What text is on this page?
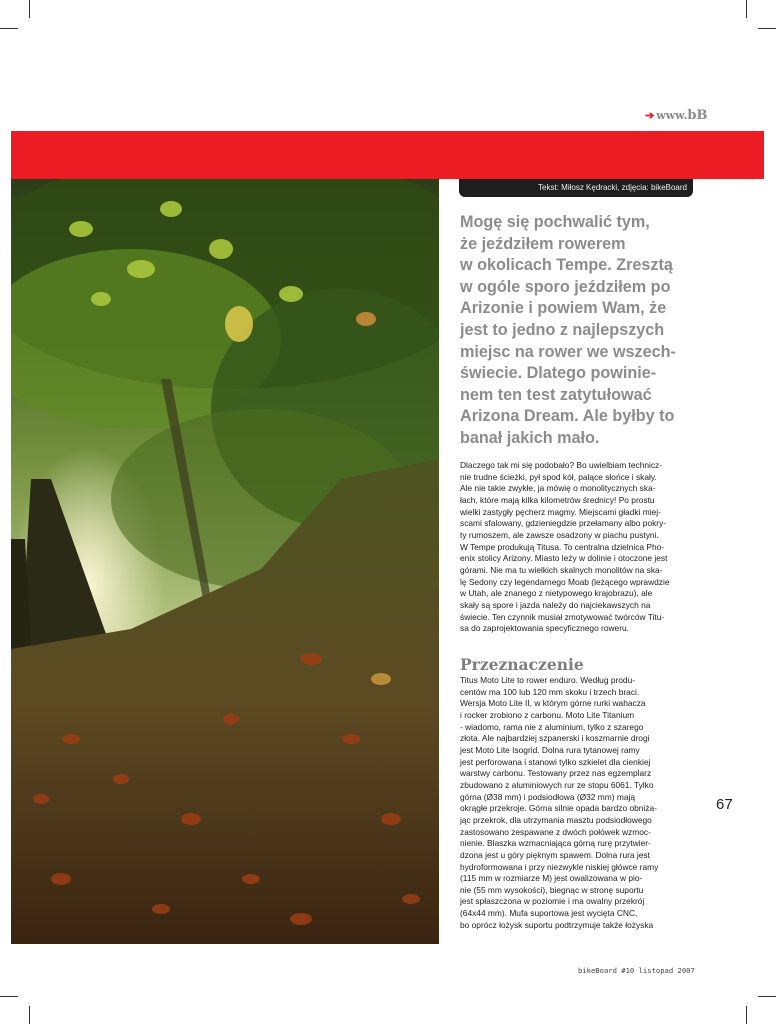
➔ www.bB
Tekst: Miłosz Kędracki, zdjęcia: bikeBoard
Mogę się pochwalić tym,
że jeździłem rowerem
w okolicach Tempe. Zresztą
w ogóle sporo jeździłem po
Arizonie i powiem Wam, że
jest to jedno z najlepszych
miejsc na rower we wszech-
świecie. Dlatego powinie-
nem ten test zatytułować
Arizona Dream. Ale byłby to
banał jakich mało.
Dlaczego tak mi się podobało? Bo uwielbiam technicz-
nie trudne ścieżki, pył spod kół, palące słońce i skały.
Ale nie takie zwykłe, ja mówię o monolitycznych ska-
łach, które mają kilka kilometrów średnicy! Po prostu
wielki zastygły pęcherz magmy. Miejscami gładki miej-
scami sfalowany, gdzieniegdzie przełamany albo pokry-
ty rumoszem, ale zawsze osadzony w piachu pustyni.
W Tempe produkują Titusa. To centralna dzielnica Pho-
enix stolicy Arizony. Miasto leży w dolinie i otoczone jest
górami. Nie ma tu wielkich skalnych monolitów na ska-
lę Sedony czy legendarnego Moab (leżącego wprawdzie
w Utah, ale znanego z nietypowego krajobrazu), ale
skały są spore i jazda należy do najciekawszych na
świecie. Ten czynnik musiał zmotywować twórców Titu-
sa do zaprojektowania specyficznego roweru.
Przeznaczenie
Titus Moto Lite to rower enduro. Według produ-
centów ma 100 lub 120 mm skoku i trzech braci.
Wersja Moto Lite II, w którym górne rurki wahacza
i rocker zrobiono z carbonu. Moto Lite Titanium
- wiadomo, rama nie z aluminium, tylko z szarego
złota. Ale najbardziej szpanerski i koszmarnie drogi
jest Moto Lite Isogrid. Dolna rura tytanowej ramy
jest perforowana i stanowi tylko szkielet dla cienkiej
warstwy carbonu. Testowany przez nas egzemplarz
zbudowano z aluminiowych rur ze stopu 6061. Tylko
górna (Ø38 mm) i podsiodłowa (Ø32 mm) mają
okrągłe przekroje. Górna silnie opada bardzo obniża-
jąc przekrok, dla utrzymania masztu podsiodłowego
zastosowano zespawane z dwóch połówek wzmoc-
nienie. Blaszka wzmacniająca górną rurę przytwier-
dzona jest u góry pięknym spawem. Dolna rura jest
hydroformowana i przy niezwykle niskiej główce ramy
(115 mm w rozmiarze M) jest owalizowana w pio-
nie (55 mm wysokości), biegnąc w stronę suportu
jest spłaszczona w poziomie i ma owalny przekrój
(64x44 mm). Mufa suportowa jest wycięta CNC,
bo oprócz łożysk suportu podtrzymuje także łożyska
67
bikeBoard #10 listopad 2007
